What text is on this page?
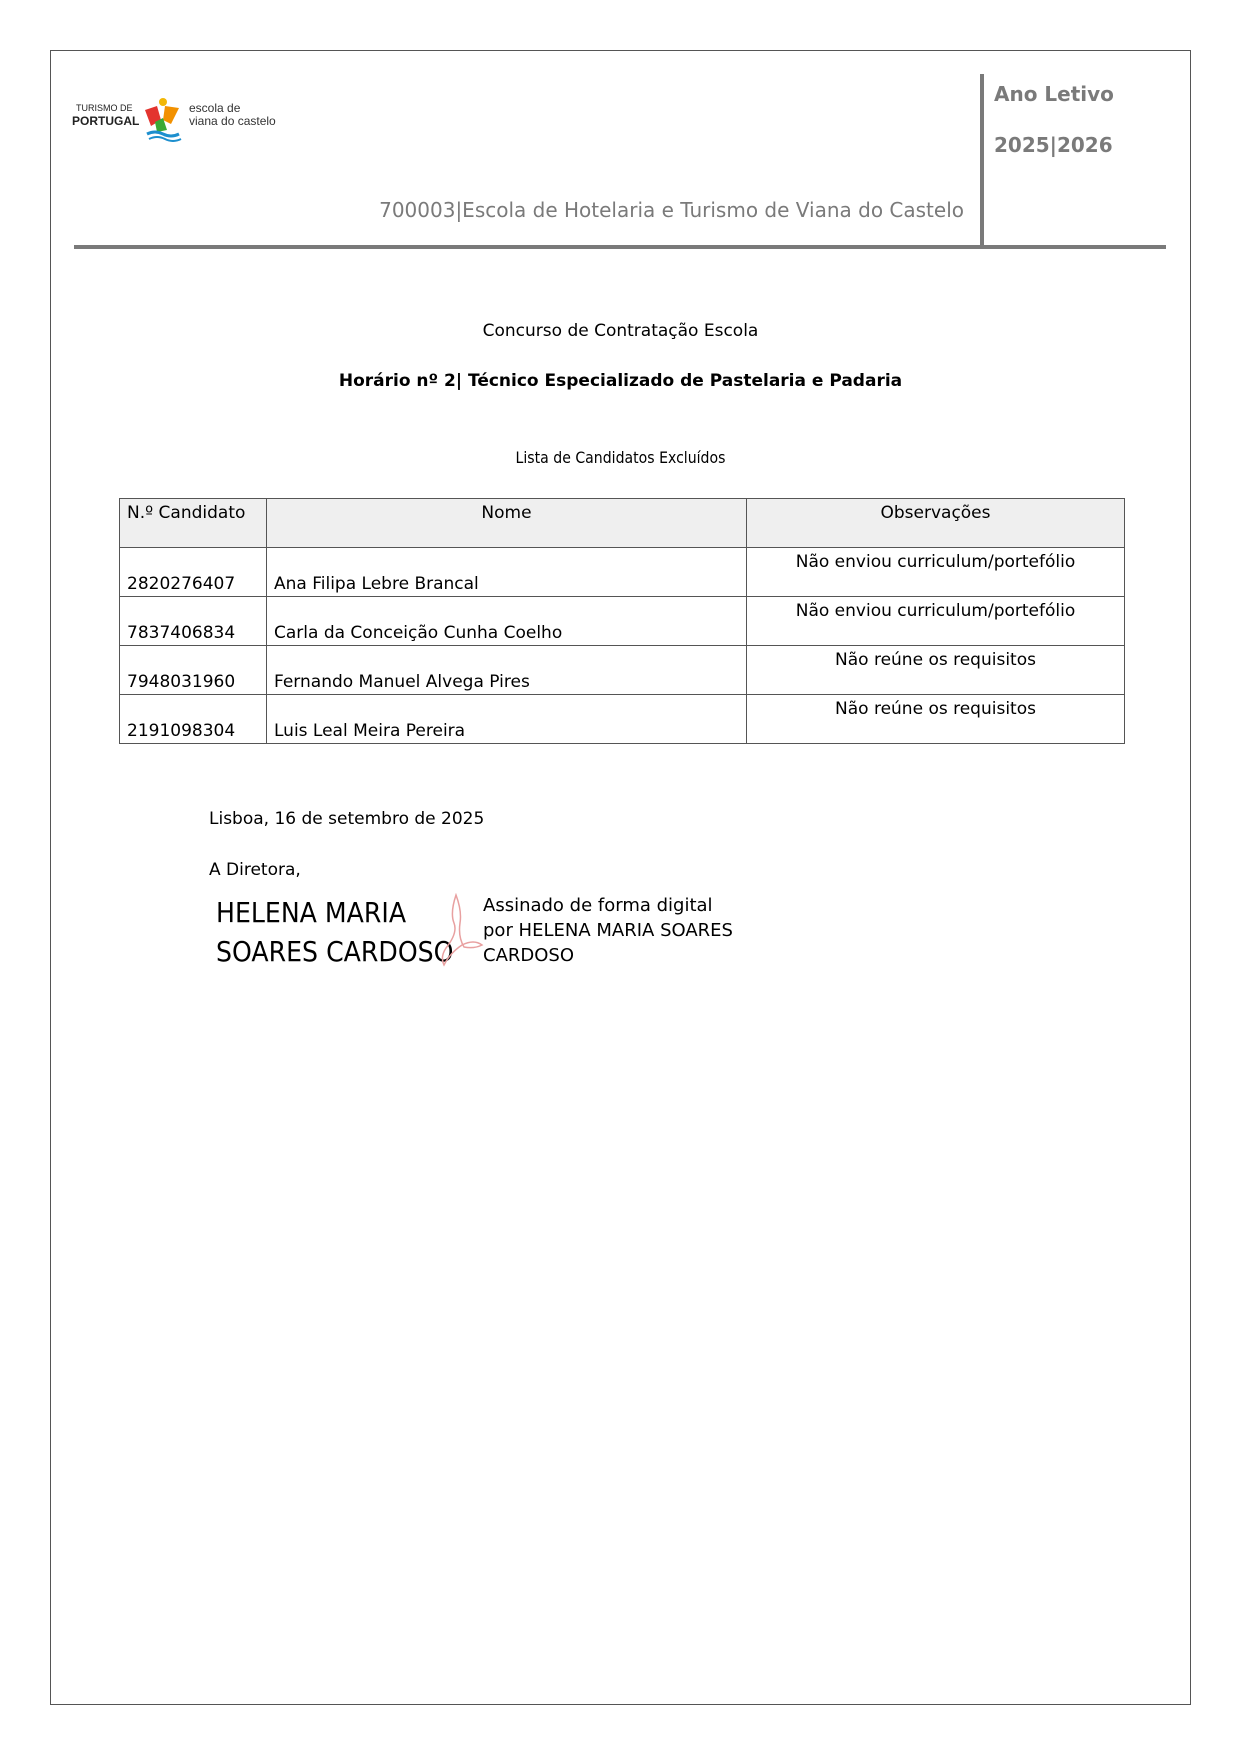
TURISMO DE
PORTUGAL
escola de
viana do castelo
700003|Escola de Hotelaria e Turismo de Viana do Castelo
Ano Letivo
2025|2026
Concurso de Contratação Escola
Horário nº 2| Técnico Especializado de Pastelaria e Padaria
Lista de Candidatos Excluídos
N.º Candidato	Nome	Observações
2820276407	Ana Filipa Lebre Brancal	Não enviou curriculum/portefólio
7837406834	Carla da Conceição Cunha Coelho	Não enviou curriculum/portefólio
7948031960	Fernando Manuel Alvega Pires	Não reúne os requisitos
2191098304	Luis Leal Meira Pereira	Não reúne os requisitos
Lisboa, 16 de setembro de 2025
A Diretora,
HELENA MARIA
SOARES CARDOSO
Assinado de forma digital
por HELENA MARIA SOARES
CARDOSO
